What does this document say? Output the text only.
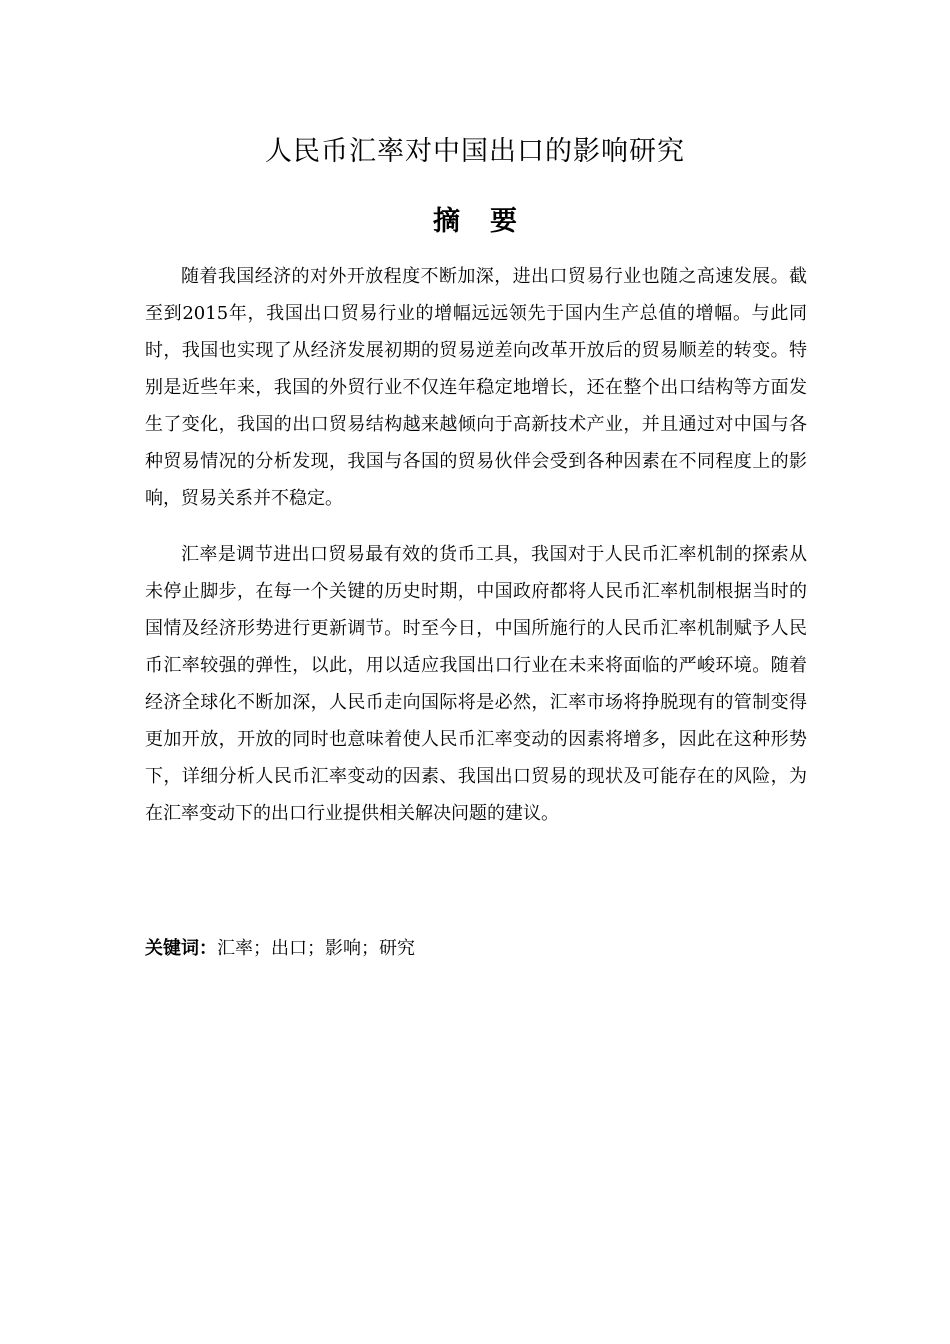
人民币汇率对中国出口的影响研究
摘要

随着我国经济的对外开放程度不断加深，进出口贸易行业也随之高速发展。截至到2015年，我国出口贸易行业的增幅远远领先于国内生产总值的增幅。与此同时，我国也实现了从经济发展初期的贸易逆差向改革开放后的贸易顺差的转变。特别是近些年来，我国的外贸行业不仅连年稳定地增长，还在整个出口结构等方面发生了变化，我国的出口贸易结构越来越倾向于高新技术产业，并且通过对中国与各种贸易情况的分析发现，我国与各国的贸易伙伴会受到各种因素在不同程度上的影响，贸易关系并不稳定。

汇率是调节进出口贸易最有效的货币工具，我国对于人民币汇率机制的探索从未停止脚步，在每一个关键的历史时期，中国政府都将人民币汇率机制根据当时的国情及经济形势进行更新调节。时至今日，中国所施行的人民币汇率机制赋予人民币汇率较强的弹性，以此，用以适应我国出口行业在未来将面临的严峻环境。随着经济全球化不断加深，人民币走向国际将是必然，汇率市场将挣脱现有的管制变得更加开放，开放的同时也意味着使人民币汇率变动的因素将增多，因此在这种形势下，详细分析人民币汇率变动的因素、我国出口贸易的现状及可能存在的风险，为在汇率变动下的出口行业提供相关解决问题的建议。

关键词：汇率；出口；影响；研究
